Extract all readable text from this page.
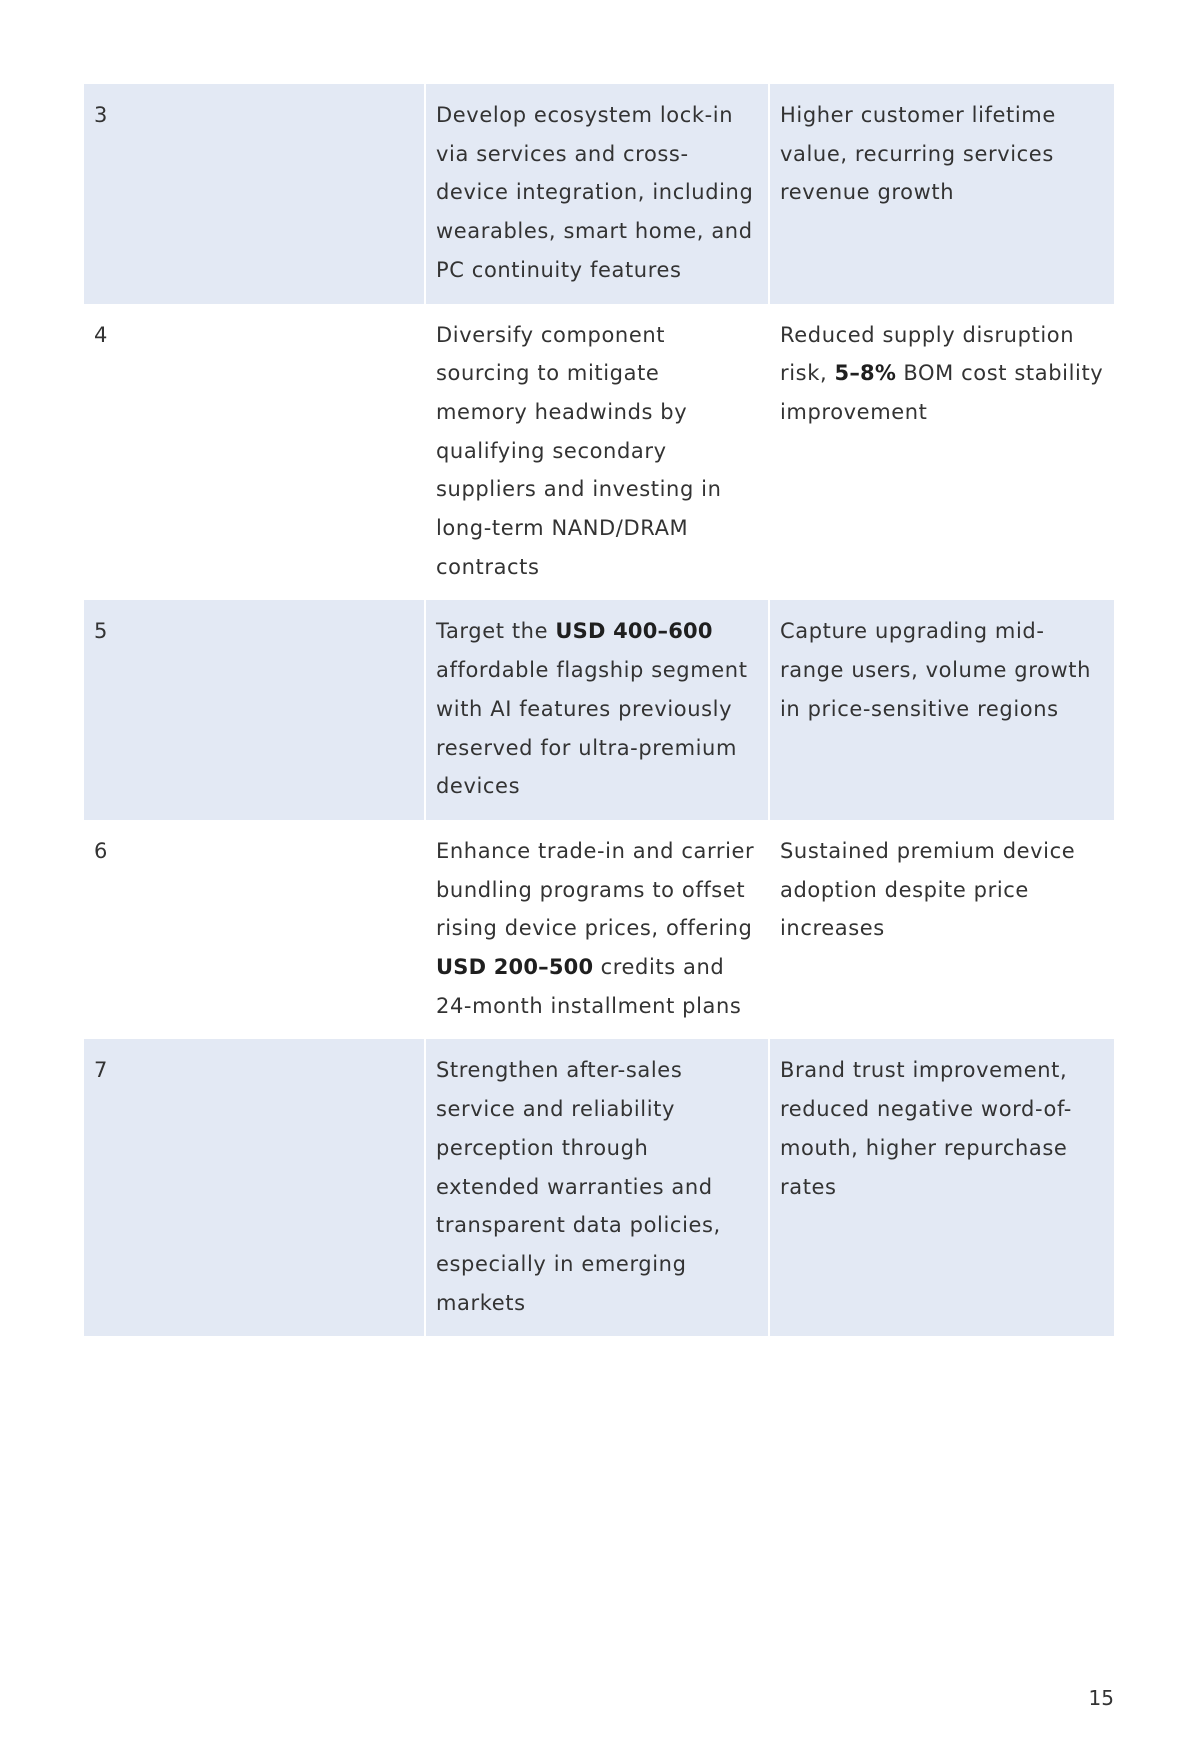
3	Develop ecosystem lock-in via services and cross-device integration, including wearables, smart home, and PC continuity features	Higher customer lifetime value, recurring services revenue growth
4	Diversify component sourcing to mitigate memory headwinds by qualifying secondary suppliers and investing in long-term NAND/DRAM contracts	Reduced supply disruption risk, 5–8% BOM cost stability improvement
5	Target the USD 400–600 affordable flagship segment with AI features previously reserved for ultra-premium devices	Capture upgrading mid-range users, volume growth in price-sensitive regions
6	Enhance trade-in and carrier bundling programs to offset rising device prices, offering USD 200–500 credits and 24-month installment plans	Sustained premium device adoption despite price increases
7	Strengthen after-sales service and reliability perception through extended warranties and transparent data policies, especially in emerging markets	Brand trust improvement, reduced negative word-of-mouth, higher repurchase rates
15
